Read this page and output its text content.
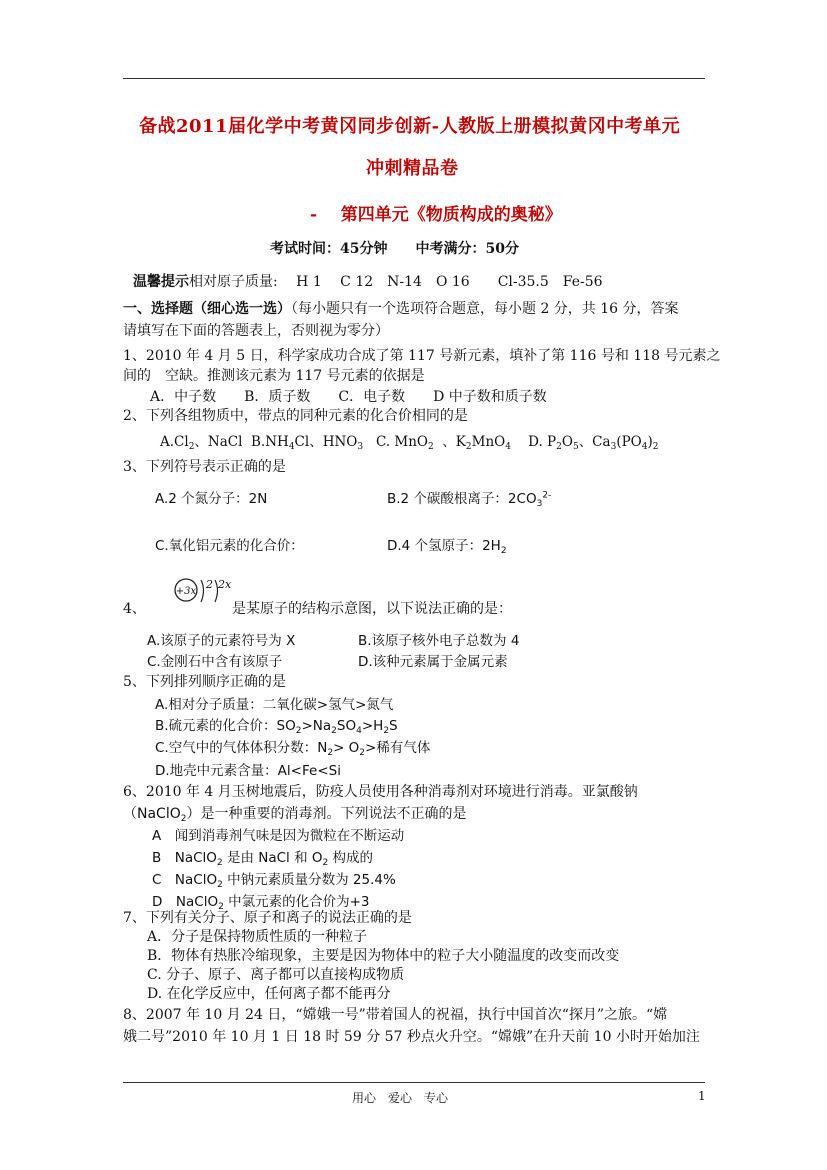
备战2011届化学中考黄冈同步创新-人教版上册模拟黄冈中考单元
冲刺精品卷
- 第四单元《物质构成的奥秘》
考试时间：45分钟　　中考满分：50分
温馨提示相对原子质量:　 H 1　 C 12　N-14　O 16　　Cl-35.5　Fe-56
一、选择题（细心选一选）（每小题只有一个选项符合题意，每小题 2 分，共 16 分，答案
请填写在下面的答题表上，否则视为零分）
1、2010 年 4 月 5 日，科学家成功合成了第 117 号新元素，填补了第 116 号和 118 号元素之
间的　空缺。推测该元素为 117 号元素的依据是
A．中子数　　B．质子数　　C．电子数　　D 中子数和质子数
2、下列各组物质中，带点的同种元素的化合价相同的是
$A.Cl_2$、NaCl  $B.NH_4Cl$、$HNO_3$   C. MnO$_2$  、$K_2MnO_4$    D. $P_2O_5$、$Ca_3(PO_4)_2$
3、下列符号表示正确的是
A.2 个氮分子：2N	B.2 个碳酸根离子：$2CO_3^{2-}$
C.氧化铝元素的化合价：	D.4 个氢原子：$2H_2$
+3x
2 2x
4、	是某原子的结构示意图，以下说法正确的是：
A.该原子的元素符号为 X	B.该原子核外电子总数为 4
C.金刚石中含有该原子	D.该种元素属于金属元素
5、下列排列顺序正确的是
A.相对分子质量：二氧化碳>氢气>氮气
B.硫元素的化合价：$SO_2>Na_2SO_4>H_2S$
C.空气中的气体体积分数：$N_2> O_2>$稀有气体
D.地壳中元素含量：Al<Fe<Si
6、2010 年 4 月玉树地震后，防疫人员使用各种消毒剂对环境进行消毒。亚氯酸钠
（NaClO$_2$）是一种重要的消毒剂。下列说法不正确的是
A　闻到消毒剂气味是因为微粒在不断运动
B　NaClO$_2$ 是由 NaCl 和 $O_2$ 构成的
C　NaClO$_2$ 中钠元素质量分数为 25.4%
D　NaClO$_2$ 中氯元素的化合价为+3
7、下列有关分子、原子和离子的说法正确的是
A．分子是保持物质性质的一种粒子
B．物体有热胀冷缩现象，主要是因为物体中的粒子大小随温度的改变而改变
C. 分子、原子、离子都可以直接构成物质
D. 在化学反应中，任何离子都不能再分
8、2007 年 10 月 24 日，“嫦娥一号”带着国人的祝福，执行中国首次“探月”之旅。“嫦
娥二号”2010 年 10 月 1 日 18 时 59 分 57 秒点火升空。“嫦娥”在升天前 10 小时开始加注
用心　爱心　专心	1
